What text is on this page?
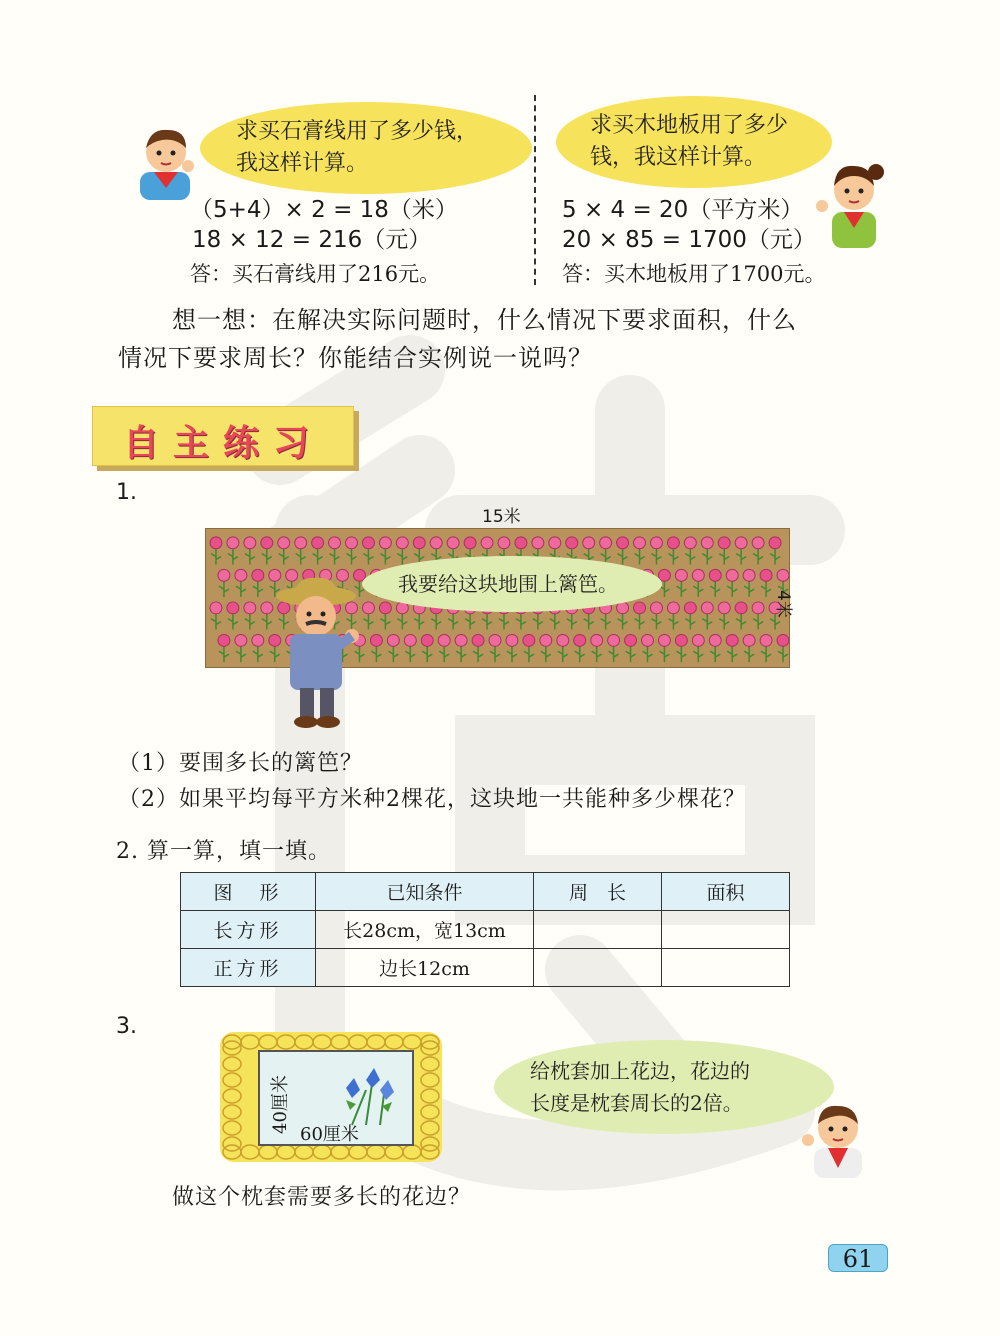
求买石膏线用了多少钱，
我这样计算。
（5+4）× 2 = 18（米）
18 × 12 = 216（元）
答：买石膏线用了216元。
求买木地板用了多少
钱，我这样计算。
5 × 4 = 20（平方米）
20 × 85 = 1700（元）
答：买木地板用了1700元。
想一想：在解决实际问题时，什么情况下要求面积，什么
情况下要求周长？你能结合实例说一说吗？
自主练习
1.
15米
4米
我要给这块地围上篱笆。
（1）要围多长的篱笆？
（2）如果平均每平方米种2棵花，这块地一共能种多少棵花？
2. 算一算，填一填。
图　形	已知条件	周　长	面积
长方形	长28cm，宽13cm		
正方形	边长12cm		
3.
40厘米
60厘米
给枕套加上花边，花边的
长度是枕套周长的2倍。
做这个枕套需要多长的花边？
61
